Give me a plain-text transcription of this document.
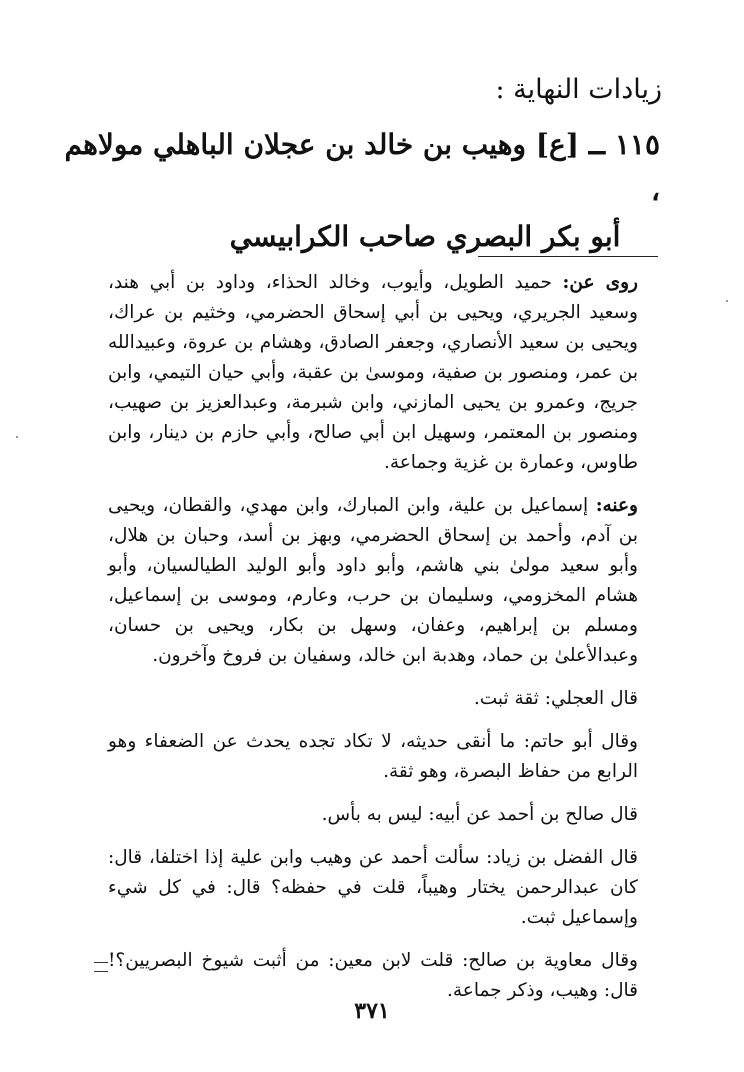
زيادات النهاية :
١١٥ ــ [ع] وهيب بن خالد بن عجلان الباهلي مولاهم ،
أبو بكر البصري صاحب الكرابيسي

روى عن: حميد الطويل، وأيوب، وخالد الحذاء، وداود بن أبي هند، وسعيد الجريري، ويحيى بن أبي إسحاق الحضرمي، وخثيم بن عراك، ويحيى بن سعيد الأنصاري، وجعفر الصادق، وهشام بن عروة، وعبيدالله بن عمر، ومنصور بن صفية، وموسىٰ بن عقبة، وأبي حيان التيمي، وابن جريج، وعمرو بن يحيى المازني، وابن شبرمة، وعبدالعزيز بن صهيب، ومنصور بن المعتمر، وسهيل ابن أبي صالح، وأبي حازم بن دينار، وابن طاوس، وعمارة بن غزية وجماعة.

وعنه: إسماعيل بن علية، وابن المبارك، وابن مهدي، والقطان، ويحيى بن آدم، وأحمد بن إسحاق الحضرمي، وبهز بن أسد، وحبان بن هلال، وأبو سعيد مولىٰ بني هاشم، وأبو داود وأبو الوليد الطيالسيان، وأبو هشام المخزومي، وسليمان بن حرب، وعارم، وموسى بن إسماعيل، ومسلم بن إبراهيم، وعفان، وسهل بن بكار، ويحيى بن حسان، وعبدالأعلىٰ بن حماد، وهدبة ابن خالد، وسفيان بن فروخ وآخرون.

قال العجلي: ثقة ثبت.

وقال أبو حاتم: ما أنقى حديثه، لا تكاد تجده يحدث عن الضعفاء وهو الرابع من حفاظ البصرة، وهو ثقة.

قال صالح بن أحمد عن أبيه: ليس به بأس.

قال الفضل بن زياد: سألت أحمد عن وهيب وابن علية إذا اختلفا، قال: كان عبدالرحمن يختار وهيباً، قلت في حفظه؟ قال: في كل شيء وإسماعيل ثبت.

وقال معاوية بن صالح: قلت لابن معين: من أثبت شيوخ البصريين؟! قال: وهيب، وذكر جماعة.

٣٧١
